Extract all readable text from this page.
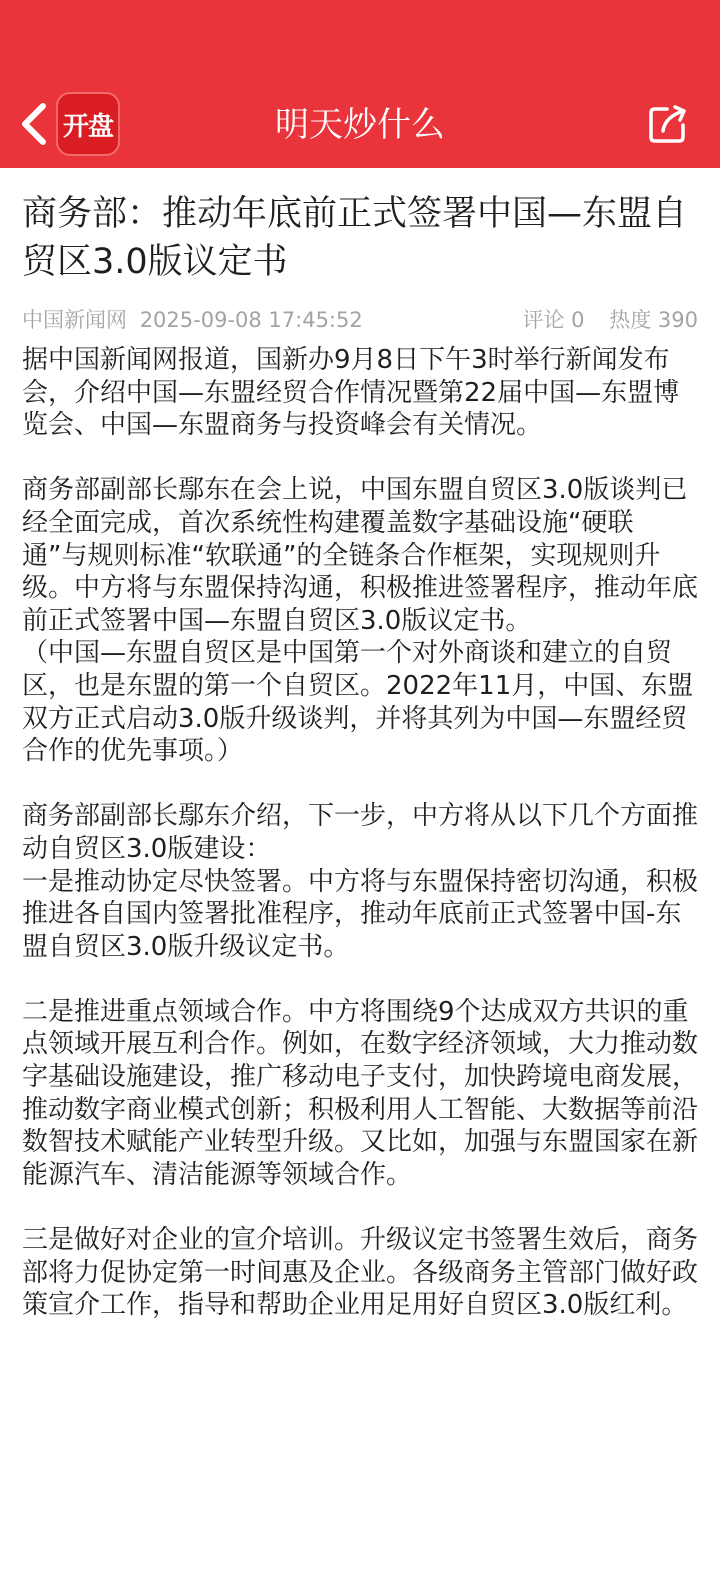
开盘	明天炒什么
商务部：推动年底前正式签署中国—东盟自贸区3.0版议定书
中国新闻网 2025-09-08 17:45:52	评论 0 热度 390

据中国新闻网报道，国新办9月8日下午3时举行新闻发布会，介绍中国—东盟经贸合作情况暨第22届中国—东盟博览会、中国—东盟商务与投资峰会有关情况。

商务部副部长鄢东在会上说，中国东盟自贸区3.0版谈判已经全面完成，首次系统性构建覆盖数字基础设施“硬联通”与规则标准“软联通”的全链条合作框架，实现规则升级。中方将与东盟保持沟通，积极推进签署程序，推动年底前正式签署中国—东盟自贸区3.0版议定书。

（中国—东盟自贸区是中国第一个对外商谈和建立的自贸区，也是东盟的第一个自贸区。2022年11月，中国、东盟双方正式启动3.0版升级谈判，并将其列为中国—东盟经贸合作的优先事项。）

商务部副部长鄢东介绍，下一步，中方将从以下几个方面推动自贸区3.0版建设：

一是推动协定尽快签署。中方将与东盟保持密切沟通，积极推进各自国内签署批准程序，推动年底前正式签署中国-东盟自贸区3.0版升级议定书。

二是推进重点领域合作。中方将围绕9个达成双方共识的重点领域开展互利合作。例如，在数字经济领域，大力推动数字基础设施建设，推广移动电子支付，加快跨境电商发展，推动数字商业模式创新；积极利用人工智能、大数据等前沿数智技术赋能产业转型升级。又比如，加强与东盟国家在新能源汽车、清洁能源等领域合作。

三是做好对企业的宣介培训。升级议定书签署生效后，商务部将力促协定第一时间惠及企业。各级商务主管部门做好政策宣介工作，指导和帮助企业用足用好自贸区3.0版红利。
